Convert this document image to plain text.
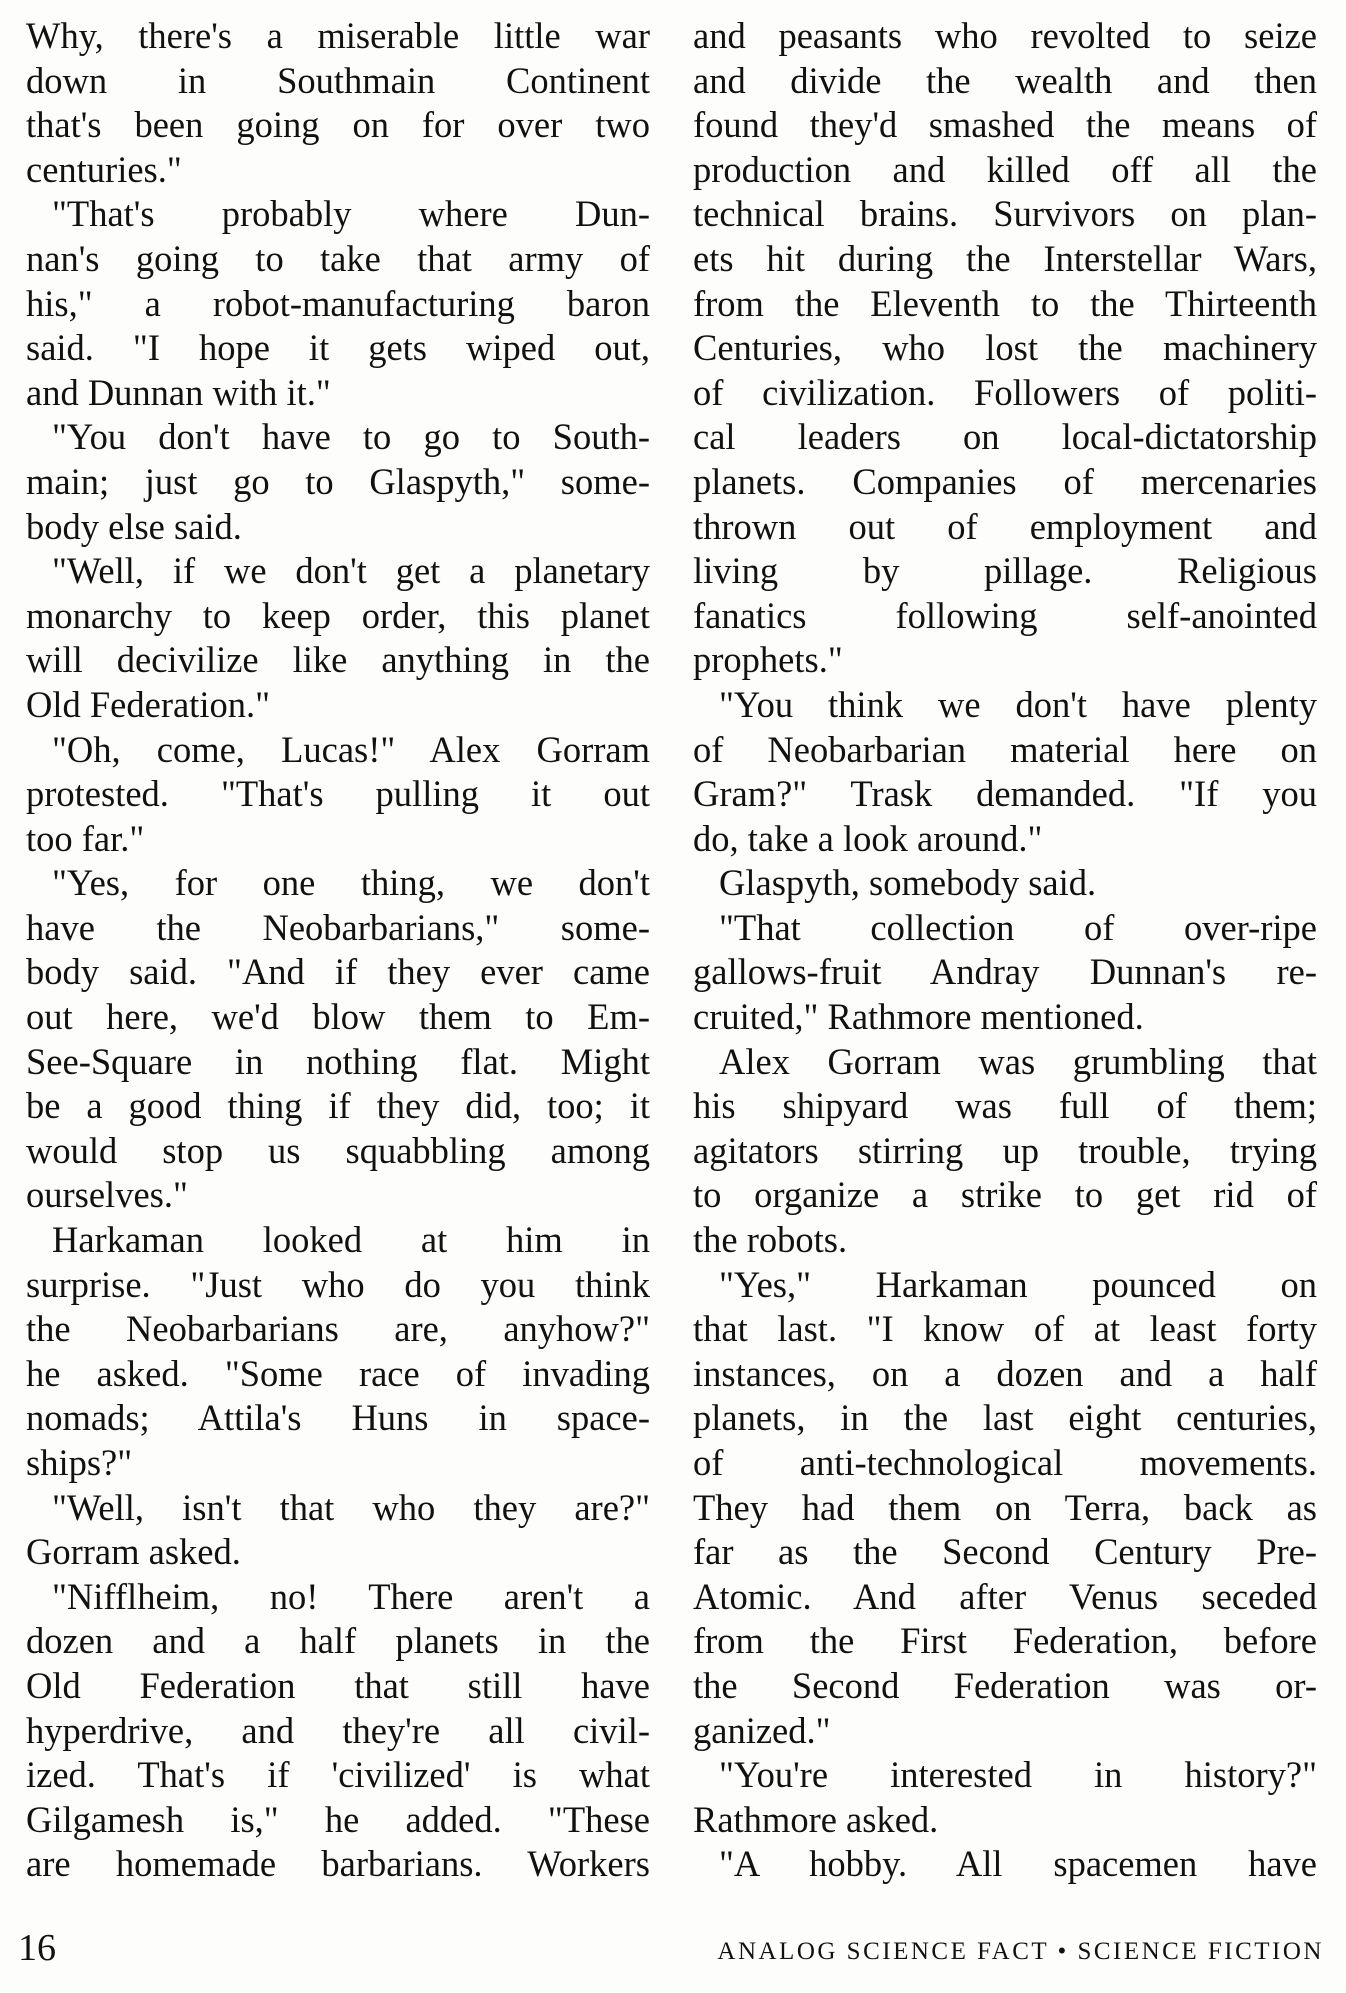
Why, there's a miserable little war
down in Southmain Continent
that's been going on for over two
centuries."
"That's probably where Dun-
nan's going to take that army of
his," a robot-manufacturing baron
said. "I hope it gets wiped out,
and Dunnan with it."
"You don't have to go to South-
main; just go to Glaspyth," some-
body else said.
"Well, if we don't get a planetary
monarchy to keep order, this planet
will decivilize like anything in the
Old Federation."
"Oh, come, Lucas!" Alex Gorram
protested. "That's pulling it out
too far."
"Yes, for one thing, we don't
have the Neobarbarians," some-
body said. "And if they ever came
out here, we'd blow them to Em-
See-Square in nothing flat. Might
be a good thing if they did, too; it
would stop us squabbling among
ourselves."
Harkaman looked at him in
surprise. "Just who do you think
the Neobarbarians are, anyhow?"
he asked. "Some race of invading
nomads; Attila's Huns in space-
ships?"
"Well, isn't that who they are?"
Gorram asked.
"Nifflheim, no! There aren't a
dozen and a half planets in the
Old Federation that still have
hyperdrive, and they're all civil-
ized. That's if 'civilized' is what
Gilgamesh is," he added. "These
are homemade barbarians. Workers
and peasants who revolted to seize
and divide the wealth and then
found they'd smashed the means of
production and killed off all the
technical brains. Survivors on plan-
ets hit during the Interstellar Wars,
from the Eleventh to the Thirteenth
Centuries, who lost the machinery
of civilization. Followers of politi-
cal leaders on local-dictatorship
planets. Companies of mercenaries
thrown out of employment and
living by pillage. Religious
fanatics following self-anointed
prophets."
"You think we don't have plenty
of Neobarbarian material here on
Gram?" Trask demanded. "If you
do, take a look around."
Glaspyth, somebody said.
"That collection of over-ripe
gallows-fruit Andray Dunnan's re-
cruited," Rathmore mentioned.
Alex Gorram was grumbling that
his shipyard was full of them;
agitators stirring up trouble, trying
to organize a strike to get rid of
the robots.
"Yes," Harkaman pounced on
that last. "I know of at least forty
instances, on a dozen and a half
planets, in the last eight centuries,
of anti-technological movements.
They had them on Terra, back as
far as the Second Century Pre-
Atomic. And after Venus seceded
from the First Federation, before
the Second Federation was or-
ganized."
"You're interested in history?"
Rathmore asked.
"A hobby. All spacemen have
16	ANALOG SCIENCE FACT • SCIENCE FICTION
